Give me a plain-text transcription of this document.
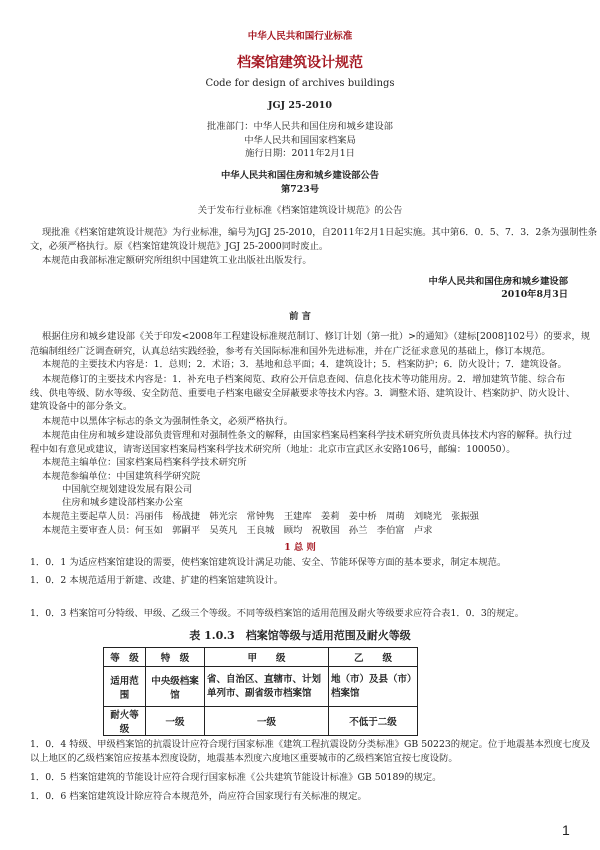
中华人民共和国行业标准
档案馆建筑设计规范
Code for design of archives buildings
JGJ 25-2010
批准部门：中华人民共和国住房和城乡建设部
中华人民共和国国家档案局
施行日期：2011年2月1日
中华人民共和国住房和城乡建设部公告
第723号
关于发布行业标准《档案馆建筑设计规范》的公告
现批准《档案馆建筑设计规范》为行业标准，编号为JGJ 25-2010，自2011年2月1日起实施。其中第6．0．5、7．3．2条为强制性条
文，必须严格执行。原《档案馆建筑设计规范》JGJ 25-2000同时废止。
本规范由我部标准定额研究所组织中国建筑工业出版社出版发行。
中华人民共和国住房和城乡建设部
2010年8月3日
前 言
根据住房和城乡建设部《关于印发<2008年工程建设标准规范制订、修订计划（第一批）>的通知》（建标[2008]102号）的要求，规
范编制组经广泛调查研究，认真总结实践经验，参考有关国际标准和国外先进标准，并在广泛征求意见的基础上，修订本规范。
本规范的主要技术内容是：1．总则；2．术语；3．基地和总平面；4．建筑设计；5．档案防护；6．防火设计；7．建筑设备。
本规范修订的主要技术内容是：1．补充电子档案阅览、政府公开信息查阅、信息化技术等功能用房。2．增加建筑节能、综合布
线、供电等级、防水等级、安全防范、重要电子档案电磁安全屏蔽要求等技术内容。3．调整术语、建筑设计、档案防护、防火设计、
建筑设备中的部分条文。
本规范中以黑体字标志的条文为强制性条文，必须严格执行。
本规范由住房和城乡建设部负责管理和对强制性条文的解释，由国家档案局档案科学技术研究所负责具体技术内容的解释。执行过
程中如有意见或建议，请寄送国家档案局档案科学技术研究所（地址：北京市宣武区永安路106号，邮编：100050）。
本规范主编单位：国家档案局档案科学技术研究所
本规范参编单位：中国建筑科学研究院
中国航空规划建设发展有限公司
住房和城乡建设部档案办公室
本规范主要起草人员：冯丽伟　杨战捷　韩光宗　常钟隽　王建库　姜莉　姜中桥　周萌　刘晓光　张振强
本规范主要审查人员：何玉如　郭嗣平　吴英凡　王良城　顾均　祝敬国　孙兰　李伯富　卢求
1 总 则
1．0．1 为适应档案馆建设的需要，使档案馆建筑设计满足功能、安全、节能环保等方面的基本要求，制定本规范。
1．0．2 本规范适用于新建、改建、扩建的档案馆建筑设计。
1．0．3 档案馆可分特级、甲级、乙级三个等级。不同等级档案馆的适用范围及耐火等级要求应符合表1．0．3的规定。
表 1.0.3　档案馆等级与适用范围及耐火等级
等　级	特　级	甲　　级	乙　　级
适用范围	中央级档案馆	省、自治区、直辖市、计划单列市、副省级市档案馆	地（市）及县（市）档案馆
耐火等级	一级	一级	不低于二级
1．0．4 特级、甲级档案馆的抗震设计应符合现行国家标准《建筑工程抗震设防分类标准》GB 50223的规定。位于地震基本烈度七度及
以上地区的乙级档案馆应按基本烈度设防，地震基本烈度六度地区重要城市的乙级档案馆宜按七度设防。
1．0．5 档案馆建筑的节能设计应符合现行国家标准《公共建筑节能设计标准》GB 50189的规定。
1．0．6 档案馆建筑设计除应符合本规范外，尚应符合国家现行有关标准的规定。
1
